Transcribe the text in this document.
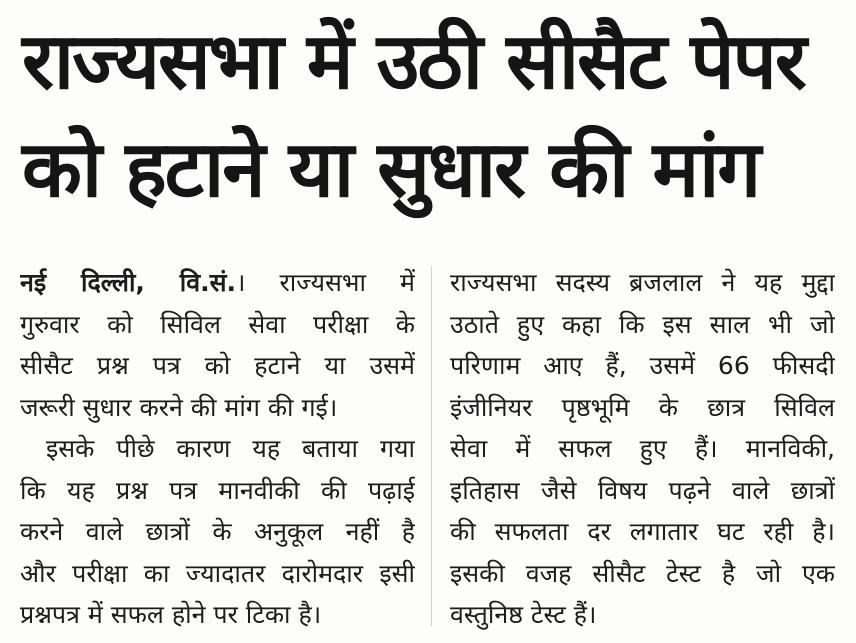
राज्यसभा में उठी सीसैट पेपर
को हटाने या सुधार की मांग
नई दिल्ली, वि.सं.। राज्यसभा में
गुरुवार को सिविल सेवा परीक्षा के
सीसैट प्रश्न पत्र को हटाने या उसमें
जरूरी सुधार करने की मांग की गई।
इसके पीछे कारण यह बताया गया
कि यह प्रश्न पत्र मानवीकी की पढ़ाई
करने वाले छात्रों के अनुकूल नहीं है
और परीक्षा का ज्यादातर दारोमदार इसी
प्रश्नपत्र में सफल होने पर टिका है।
राज्यसभा सदस्य ब्रजलाल ने यह मुद्दा
उठाते हुए कहा कि इस साल भी जो
परिणाम आए हैं, उसमें 66 फीसदी
इंजीनियर पृष्ठभूमि के छात्र सिविल
सेवा में सफल हुए हैं। मानविकी,
इतिहास जैसे विषय पढ़ने वाले छात्रों
की सफलता दर लगातार घट रही है।
इसकी वजह सीसैट टेस्ट है जो एक
वस्तुनिष्ठ टेस्ट हैं।
